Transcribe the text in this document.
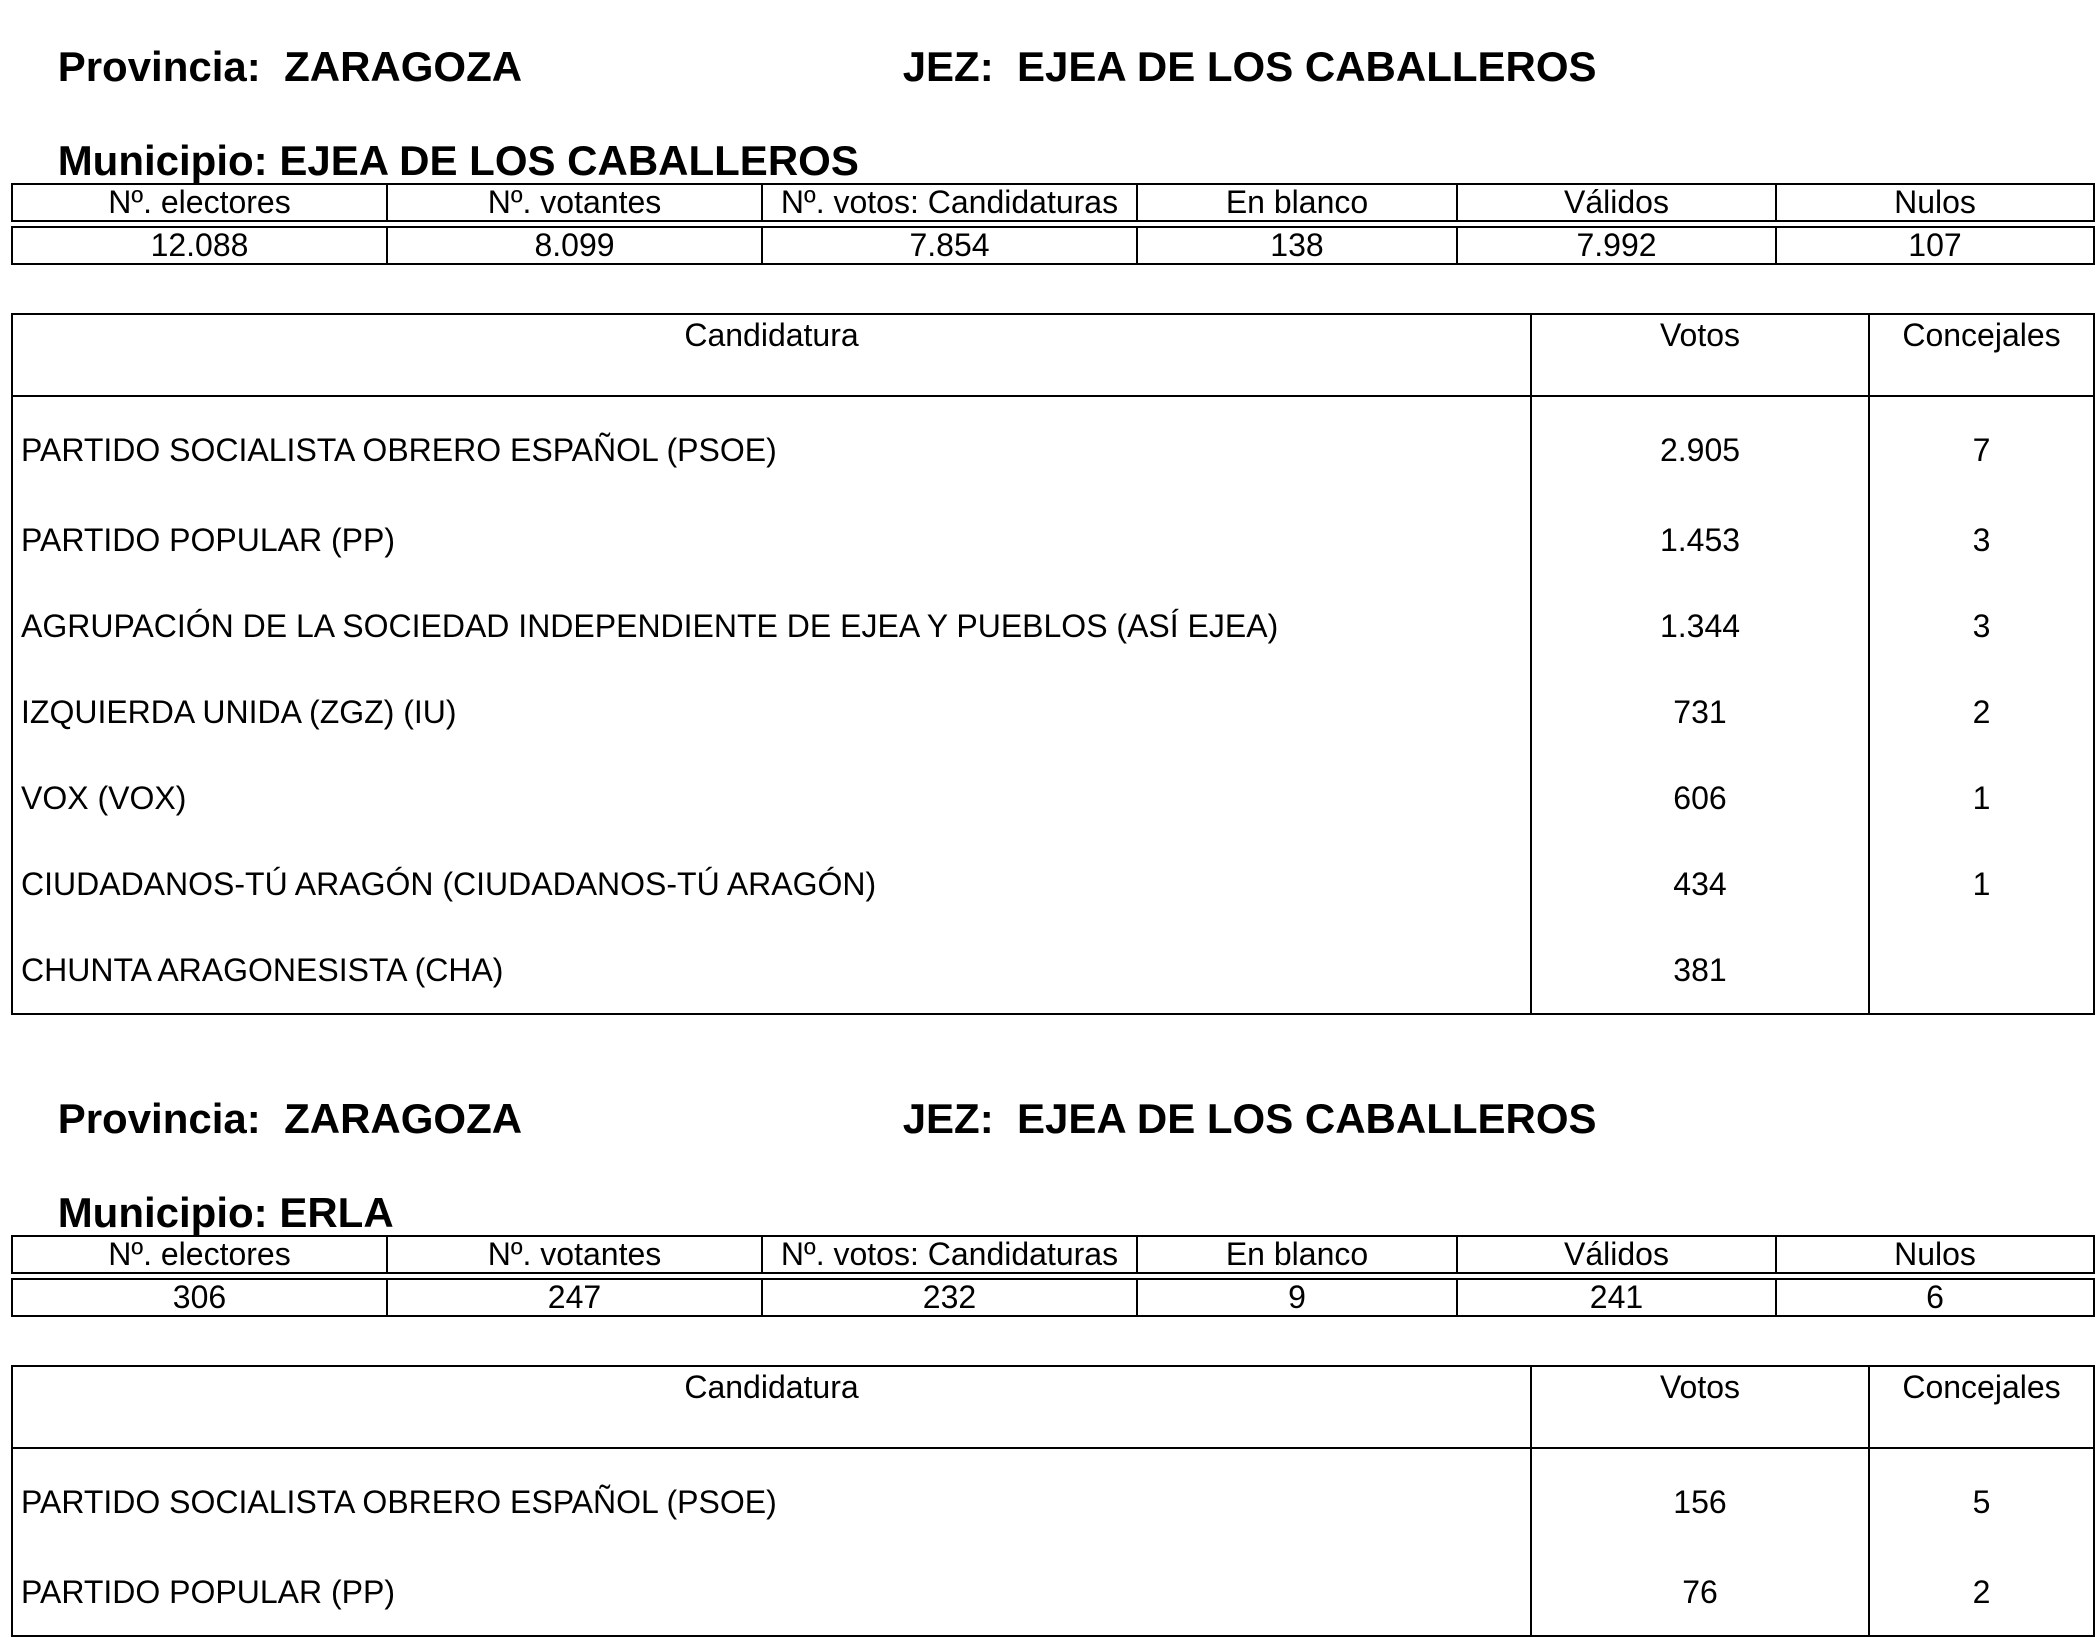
Provincia: ZARAGOZA
	JEZ: EJEA DE LOS CABALLEROS

Municipio: EJEA DE LOS CABALLEROS

Nº. electores	Nº. votantes	Nº. votos: Candidaturas	En blanco	Válidos	Nulos
12.088	8.099	7.854	138	7.992	107
Candidatura	Votos	Concejales
PARTIDO SOCIALISTA OBRERO ESPAÑOL (PSOE)	2.905	7
PARTIDO POPULAR (PP)	1.453	3
AGRUPACIÓN DE LA SOCIEDAD INDEPENDIENTE DE EJEA Y PUEBLOS (ASÍ EJEA)	1.344	3
IZQUIERDA UNIDA (ZGZ) (IU)	731	2
VOX (VOX)	606	1
CIUDADANOS-TÚ ARAGÓN (CIUDADANOS-TÚ ARAGÓN)	434	1
CHUNTA ARAGONESISTA (CHA)	381	

Provincia: ZARAGOZA
	JEZ: EJEA DE LOS CABALLEROS

Municipio: ERLA

Nº. electores	Nº. votantes	Nº. votos: Candidaturas	En blanco	Válidos	Nulos
306	247	232	9	241	6
Candidatura	Votos	Concejales
PARTIDO SOCIALISTA OBRERO ESPAÑOL (PSOE)	156	5
PARTIDO POPULAR (PP)	76	2
